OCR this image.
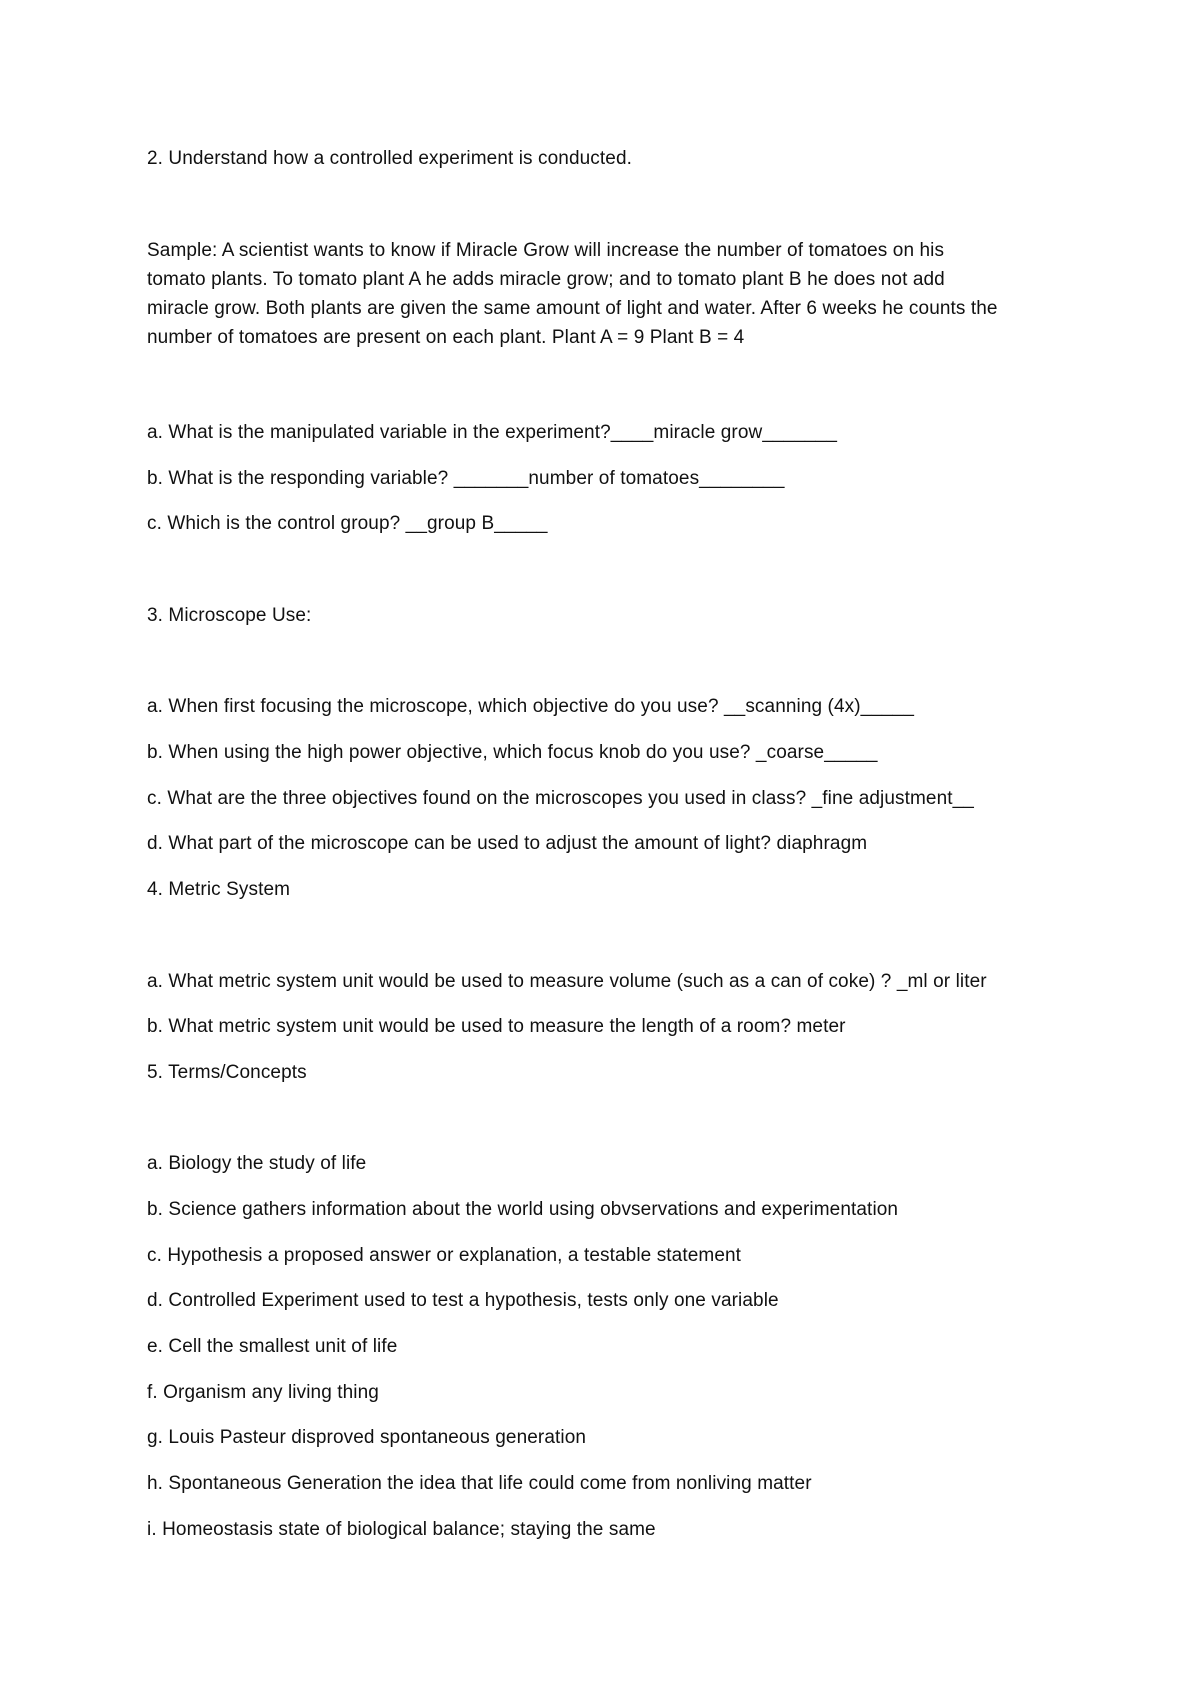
2. Understand how a controlled experiment is conducted.
Sample: A scientist wants to know if Miracle Grow will increase the number of tomatoes on his
tomato plants. To tomato plant A he adds miracle grow; and to tomato plant B he does not add
miracle grow. Both plants are given the same amount of light and water. After 6 weeks he counts the
number of tomatoes are present on each plant. Plant A = 9 Plant B = 4
a. What is the manipulated variable in the experiment?____miracle grow_______
b. What is the responding variable? _______number of tomatoes________
c. Which is the control group? __group B_____
3. Microscope Use:
a. When first focusing the microscope, which objective do you use? __scanning (4x)_____
b. When using the high power objective, which focus knob do you use? _coarse_____
c. What are the three objectives found on the microscopes you used in class? _fine adjustment__
d. What part of the microscope can be used to adjust the amount of light? diaphragm
4. Metric System
a. What metric system unit would be used to measure volume (such as a can of coke) ? _ml or liter
b. What metric system unit would be used to measure the length of a room? meter
5. Terms/Concepts
a. Biology the study of life
b. Science gathers information about the world using obvservations and experimentation
c. Hypothesis a proposed answer or explanation, a testable statement
d. Controlled Experiment used to test a hypothesis, tests only one variable
e. Cell the smallest unit of life
f. Organism any living thing
g. Louis Pasteur disproved spontaneous generation
h. Spontaneous Generation the idea that life could come from nonliving matter
i. Homeostasis state of biological balance; staying the same
